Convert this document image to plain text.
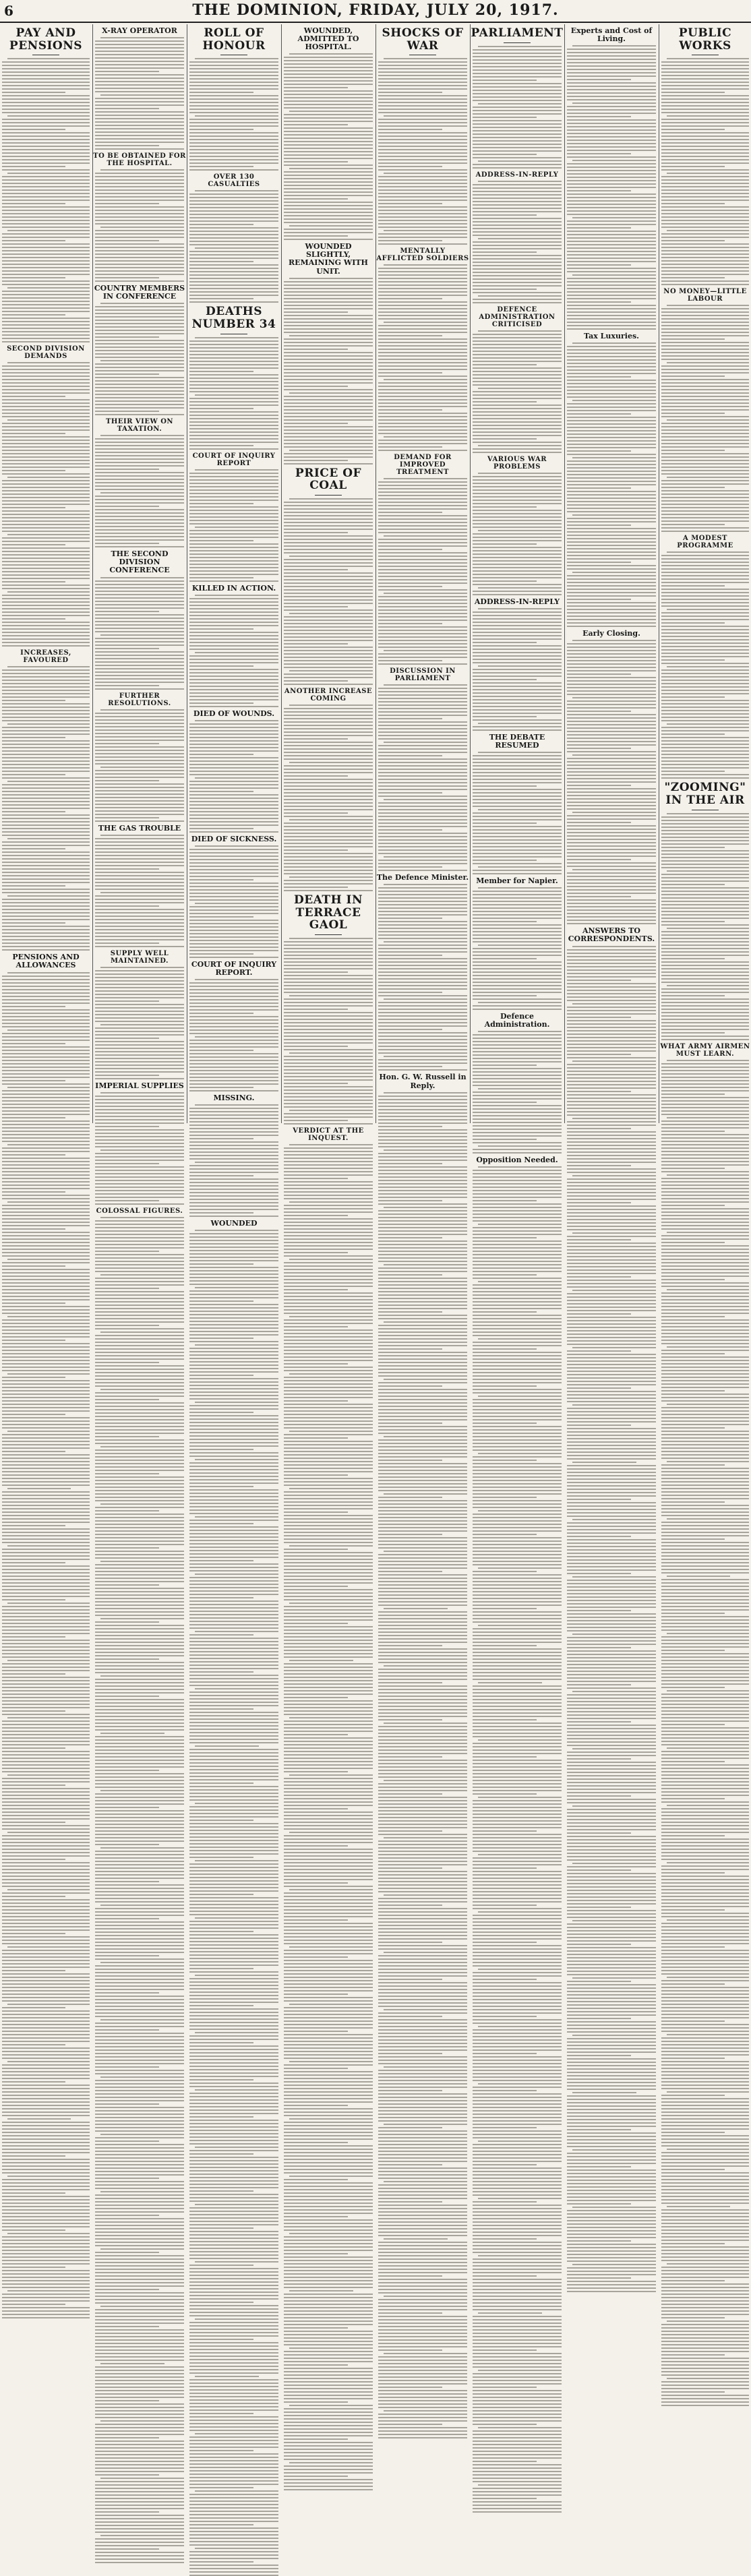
6	THE DOMINION, FRIDAY, JULY 20, 1917.
PAY AND PENSIONS
SECOND DIVISION DEMANDS
INCREASES, FAVOURED
PENSIONS AND ALLOWANCES
X-RAY OPERATOR
TO BE OBTAINED FOR THE HOSPITAL.
COUNTRY MEMBERS IN CONFERENCE
THEIR VIEW ON TAXATION.
THE SECOND DIVISION CONFERENCE
FURTHER RESOLUTIONS.
THE GAS TROUBLE
SUPPLY WELL MAINTAINED.
IMPERIAL SUPPLIES
COLOSSAL FIGURES.
ROLL OF HONOUR
OVER 130 CASUALTIES
DEATHS NUMBER 34
COURT OF INQUIRY REPORT
KILLED IN ACTION.
DIED OF WOUNDS.
DIED OF SICKNESS.
COURT OF INQUIRY REPORT.
MISSING.
WOUNDED
WOUNDED, ADMITTED TO HOSPITAL.
WOUNDED SLIGHTLY, REMAINING WITH UNIT.
PRICE OF COAL
ANOTHER INCREASE COMING
DEATH IN TERRACE GAOL
VERDICT AT THE INQUEST.
SHOCKS OF WAR
MENTALLY AFFLICTED SOLDIERS
DEMAND FOR IMPROVED TREATMENT
DISCUSSION IN PARLIAMENT
The Defence Minister.
Hon. G. W. Russell in Reply.
PARLIAMENT
ADDRESS-IN-REPLY
DEFENCE ADMINISTRATION CRITICISED
VARIOUS WAR PROBLEMS
ADDRESS-IN-REPLY
THE DEBATE RESUMED
Member for Napier.
Defence Administration.
Opposition Needed.
Experts and Cost of Living.
Tax Luxuries.
Early Closing.
ANSWERS TO CORRESPONDENTS.
PUBLIC WORKS
NO MONEY—LITTLE LABOUR
A MODEST PROGRAMME
"ZOOMING" IN THE AIR
WHAT ARMY AIRMEN MUST LEARN.
